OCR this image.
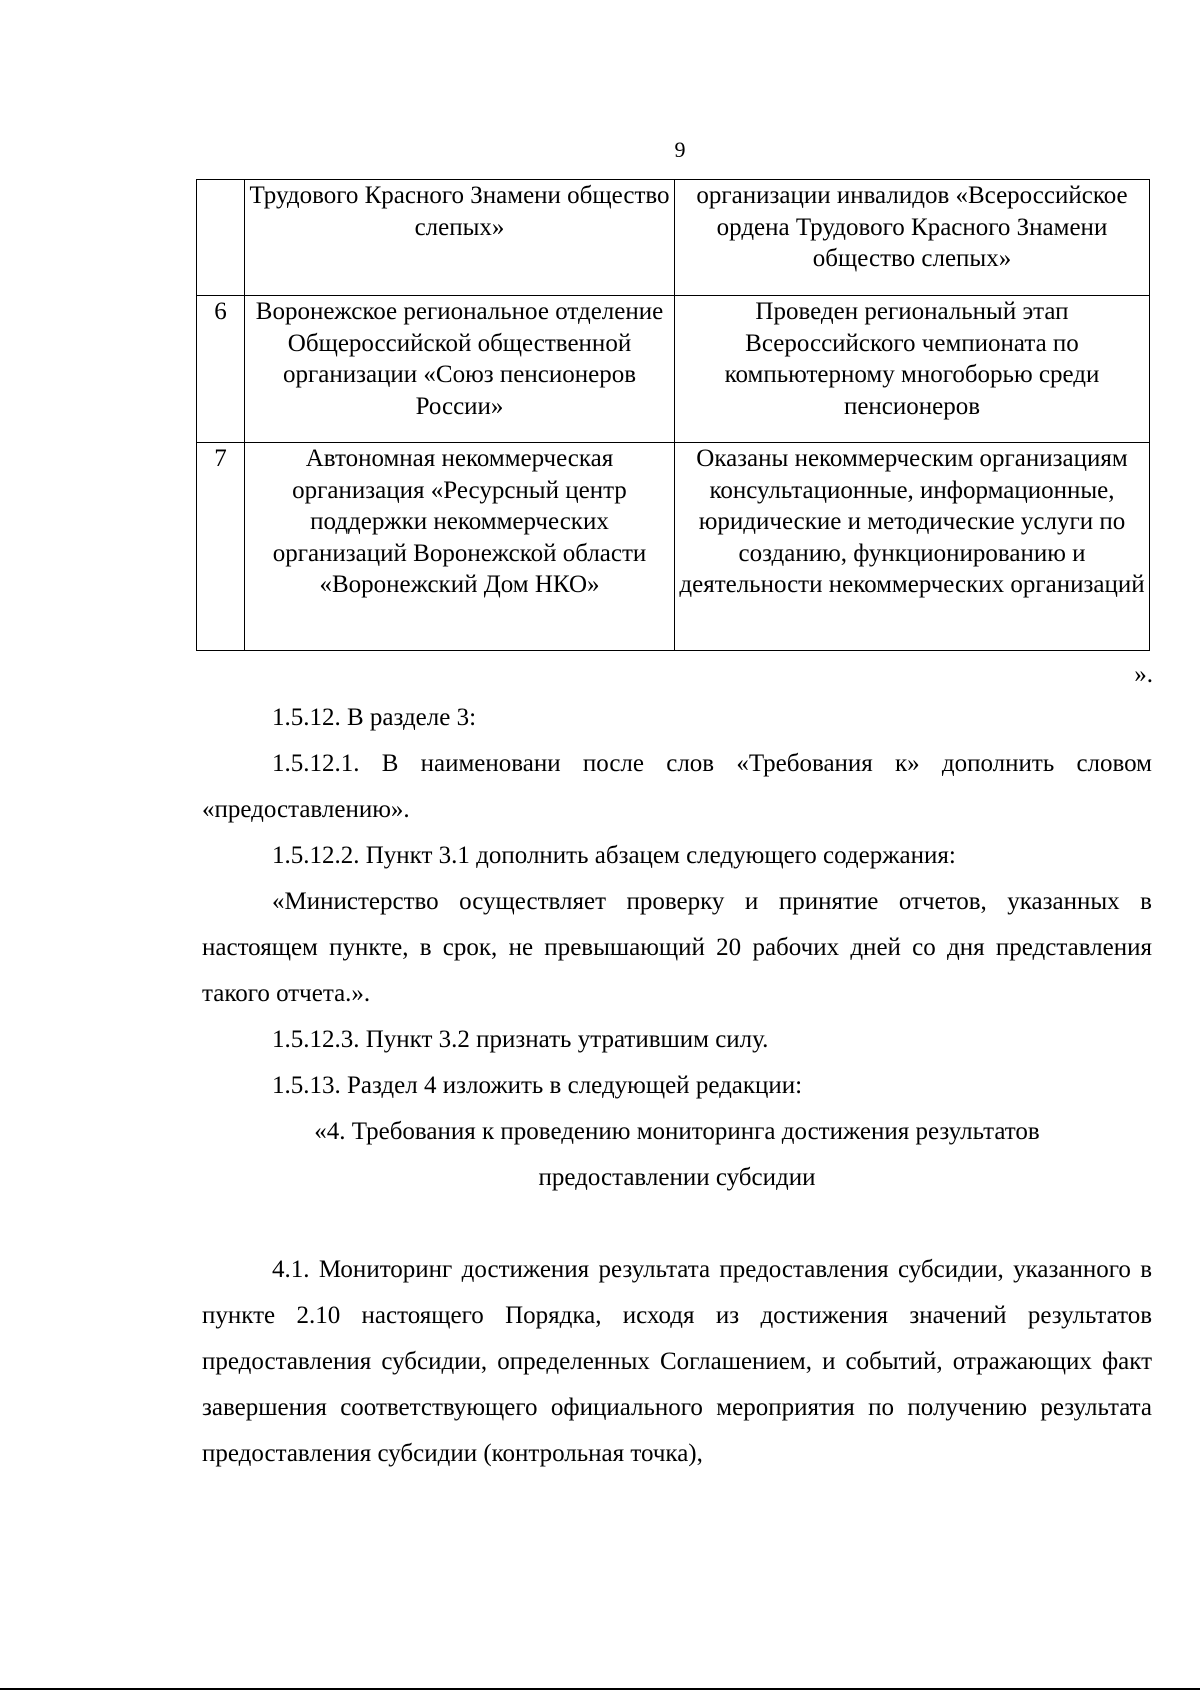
9
	Трудового Красного Знамени общество слепых»	организации инвалидов «Всероссийское ордена Трудового Красного Знамени общество слепых»
6	Воронежское региональное отделение Общероссийской общественной организации «Союз пенсионеров России»	Проведен региональный этап Всероссийского чемпионата по компьютерному многоборью среди пенсионеров
7	Автономная некоммерческая организация «Ресурсный центр поддержки некоммерческих организаций Воронежской области «Воронежский Дом НКО»	Оказаны некоммерческим организациям консультационные, информационные, юридические и методические услуги по созданию, функционированию и деятельности некоммерческих организаций
».

1.5.12. В разделе 3:

1.5.12.1. В наименовани после слов «Требования к» дополнить словом «предоставлению».

1.5.12.2. Пункт 3.1 дополнить абзацем следующего содержания:

«Министерство осуществляет проверку и принятие отчетов, указанных в настоящем пункте, в срок, не превышающий 20 рабочих дней со дня представления такого отчета.».

1.5.12.3. Пункт 3.2 признать утратившим силу.

1.5.13. Раздел 4 изложить в следующей редакции:

«4. Требования к проведению мониторинга достижения результатов
предоставлении субсидии

4.1. Мониторинг достижения результата предоставления субсидии, указанного в пункте 2.10 настоящего Порядка, исходя из достижения значений результатов предоставления субсидии, определенных Соглашением, и событий, отражающих факт завершения соответствующего официального мероприятия по получению результата предоставления субсидии (контрольная точка),
